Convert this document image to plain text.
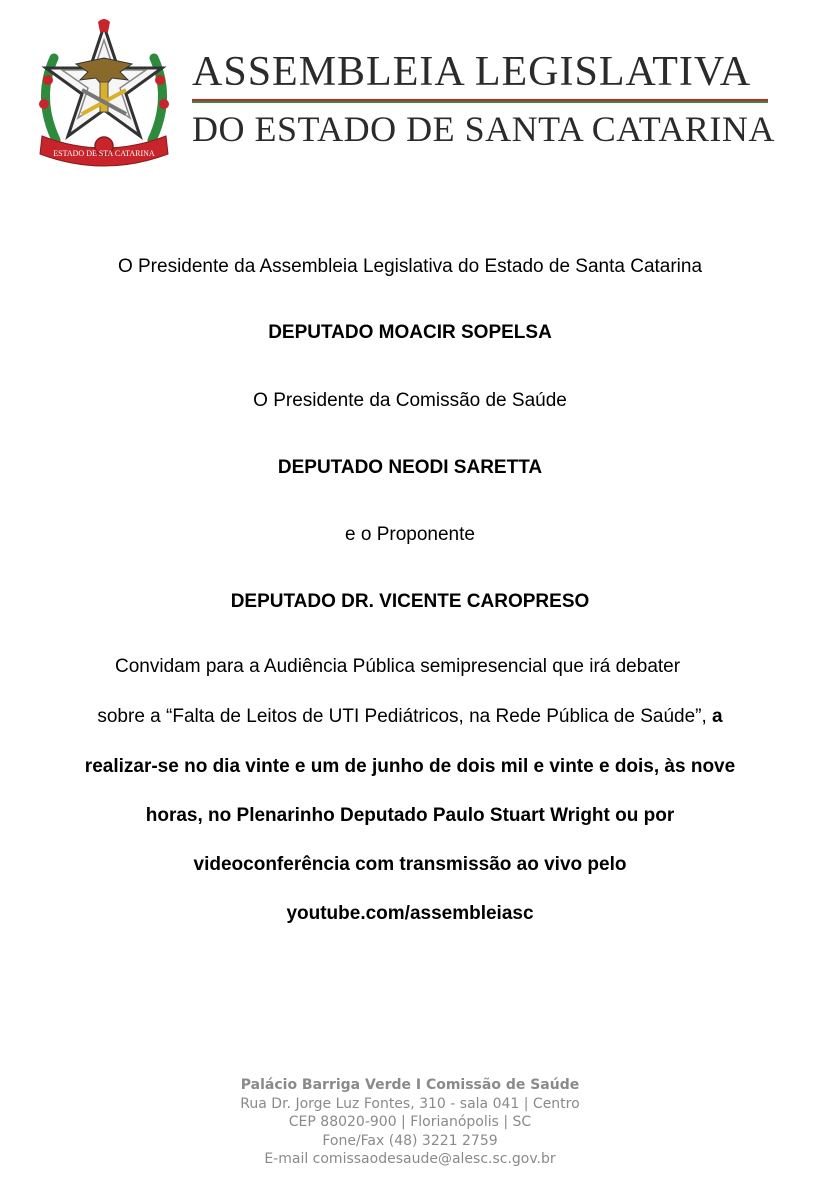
ESTADO DE STA CATARINA
ASSEMBLEIA LEGISLATIVA
DO ESTADO DE SANTA CATARINA
O Presidente da Assembleia Legislativa do Estado de Santa Catarina
DEPUTADO MOACIR SOPELSA
O Presidente da Comissão de Saúde
DEPUTADO NEODI SARETTA
e o Proponente
DEPUTADO DR. VICENTE CAROPRESO
Convidam para a Audiência Pública semipresencial que irá debater
sobre a “Falta de Leitos de UTI Pediátricos, na Rede Pública de Saúde”, a
realizar-se no dia vinte e um de junho de dois mil e vinte e dois, às nove
horas, no Plenarinho Deputado Paulo Stuart Wright ou por
videoconferência com transmissão ao vivo pelo
youtube.com/assembleiasc
Palácio Barriga Verde I Comissão de Saúde
Rua Dr. Jorge Luz Fontes, 310 - sala 041 | Centro
CEP 88020-900 | Florianópolis | SC
Fone/Fax (48) 3221 2759
E-mail comissaodesaude@alesc.sc.gov.br
